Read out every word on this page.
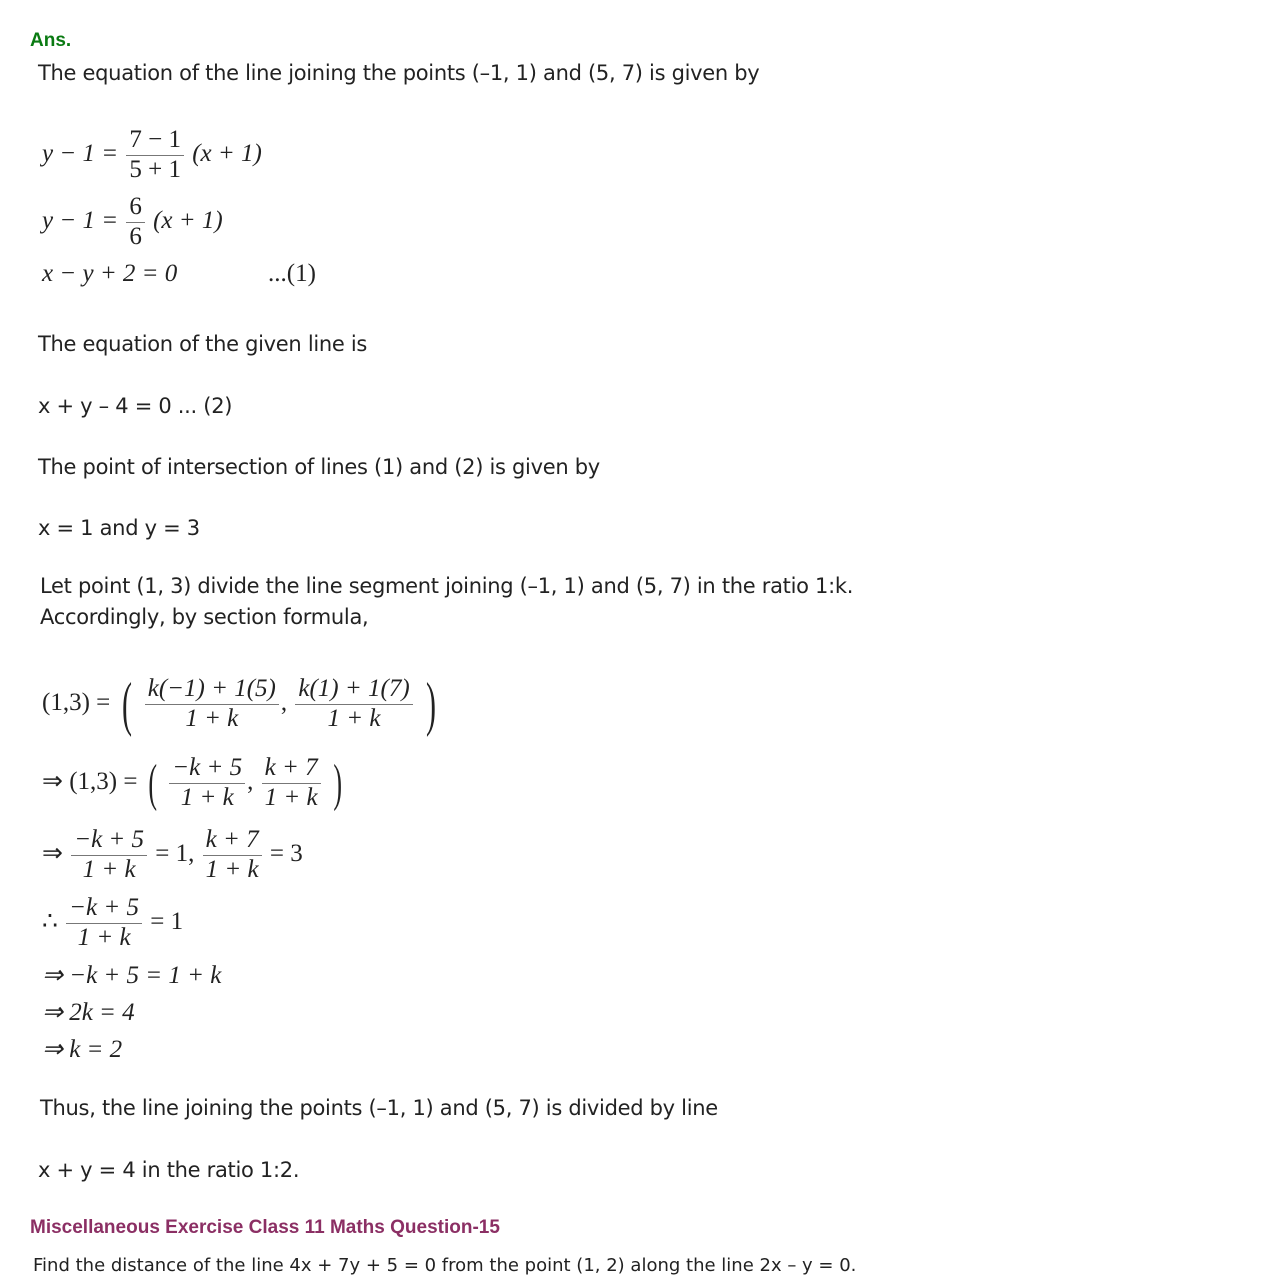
Ans.
The equation of the line joining the points (–1, 1) and (5, 7) is given by
$y - 1 = \frac{7 - 1}{5 + 1} (x + 1)$
$y - 1 = \frac{6}{6} (x + 1)$
x − y + 2 = 0	...(1)
The equation of the given line is
x + y – 4 = 0 ... (2)
The point of intersection of lines (1) and (2) is given by
x = 1 and y = 3
Let point (1, 3) divide the line segment joining (–1, 1) and (5, 7) in the ratio 1:k.
Accordingly, by section formula,
(1,3) = ( $\frac{k(-1) + 1(5)}{1 + k}$ , $\frac{k(1) + 1(7)}{1 + k}$ )
⇒ (1,3) = ( $\frac{-k + 5}{1 + k}$ , $\frac{k + 7}{1 + k}$ )
⇒ $\frac{-k + 5}{1 + k} = 1$, $\frac{k + 7}{1 + k} = 3$
∴ $\frac{-k + 5}{1 + k} = 1$
⇒ −k + 5 = 1 + k
⇒ 2k = 4
⇒ k = 2
Thus, the line joining the points (–1, 1) and (5, 7) is divided by line
x + y = 4 in the ratio 1:2.
Miscellaneous Exercise Class 11 Maths Question-15
Find the distance of the line 4x + 7y + 5 = 0 from the point (1, 2) along the line 2x – y = 0.
